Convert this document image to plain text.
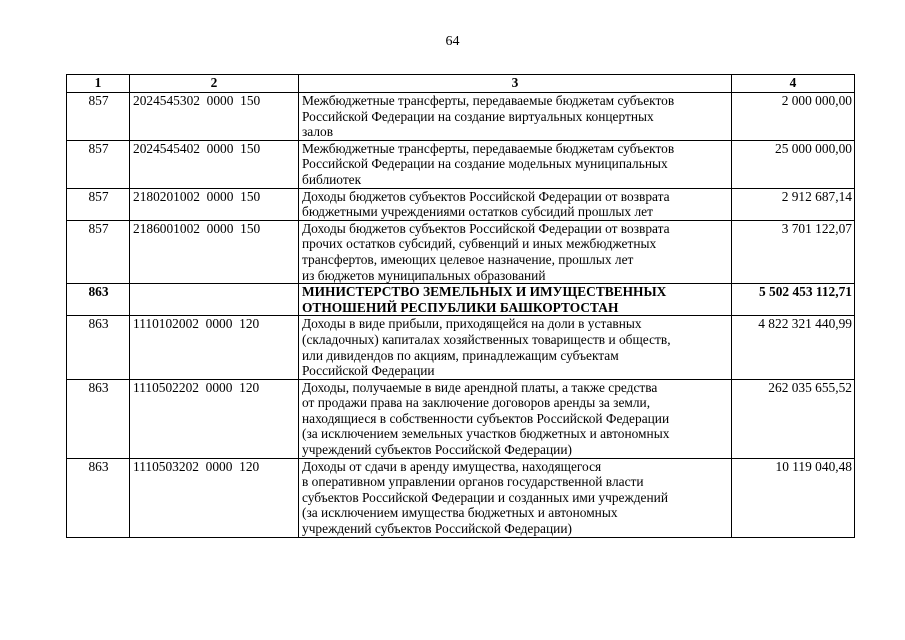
64
1	2	3	4
857	2024545302  0000  150	Межбюджетные трансферты, передаваемые бюджетам субъектов
Российской Федерации на создание виртуальных концертных
залов	2 000 000,00
857	2024545402  0000  150	Межбюджетные трансферты, передаваемые бюджетам субъектов
Российской Федерации на создание модельных муниципальных
библиотек	25 000 000,00
857	2180201002  0000  150	Доходы бюджетов субъектов Российской Федерации от возврата
бюджетными учреждениями остатков субсидий прошлых лет	2 912 687,14
857	2186001002  0000  150	Доходы бюджетов субъектов Российской Федерации от возврата
прочих остатков субсидий, субвенций и иных межбюджетных
трансфертов, имеющих целевое назначение, прошлых лет
из бюджетов муниципальных образований	3 701 122,07
863		МИНИСТЕРСТВО ЗЕМЕЛЬНЫХ И ИМУЩЕСТВЕННЫХ
ОТНОШЕНИЙ РЕСПУБЛИКИ БАШКОРТОСТАН	5 502 453 112,71
863	1110102002  0000  120	Доходы в виде прибыли, приходящейся на доли в уставных
(складочных) капиталах хозяйственных товариществ и обществ,
или дивидендов по акциям, принадлежащим субъектам
Российской Федерации	4 822 321 440,99
863	1110502202  0000  120	Доходы, получаемые в виде арендной платы, а также средства
от продажи права на заключение договоров аренды за земли,
находящиеся в собственности субъектов Российской Федерации
(за исключением земельных участков бюджетных и автономных
учреждений субъектов Российской Федерации)	262 035 655,52
863	1110503202  0000  120	Доходы от сдачи в аренду имущества, находящегося
в оперативном управлении органов государственной власти
субъектов Российской Федерации и созданных ими учреждений
(за исключением имущества бюджетных и автономных
учреждений субъектов Российской Федерации)	10 119 040,48
